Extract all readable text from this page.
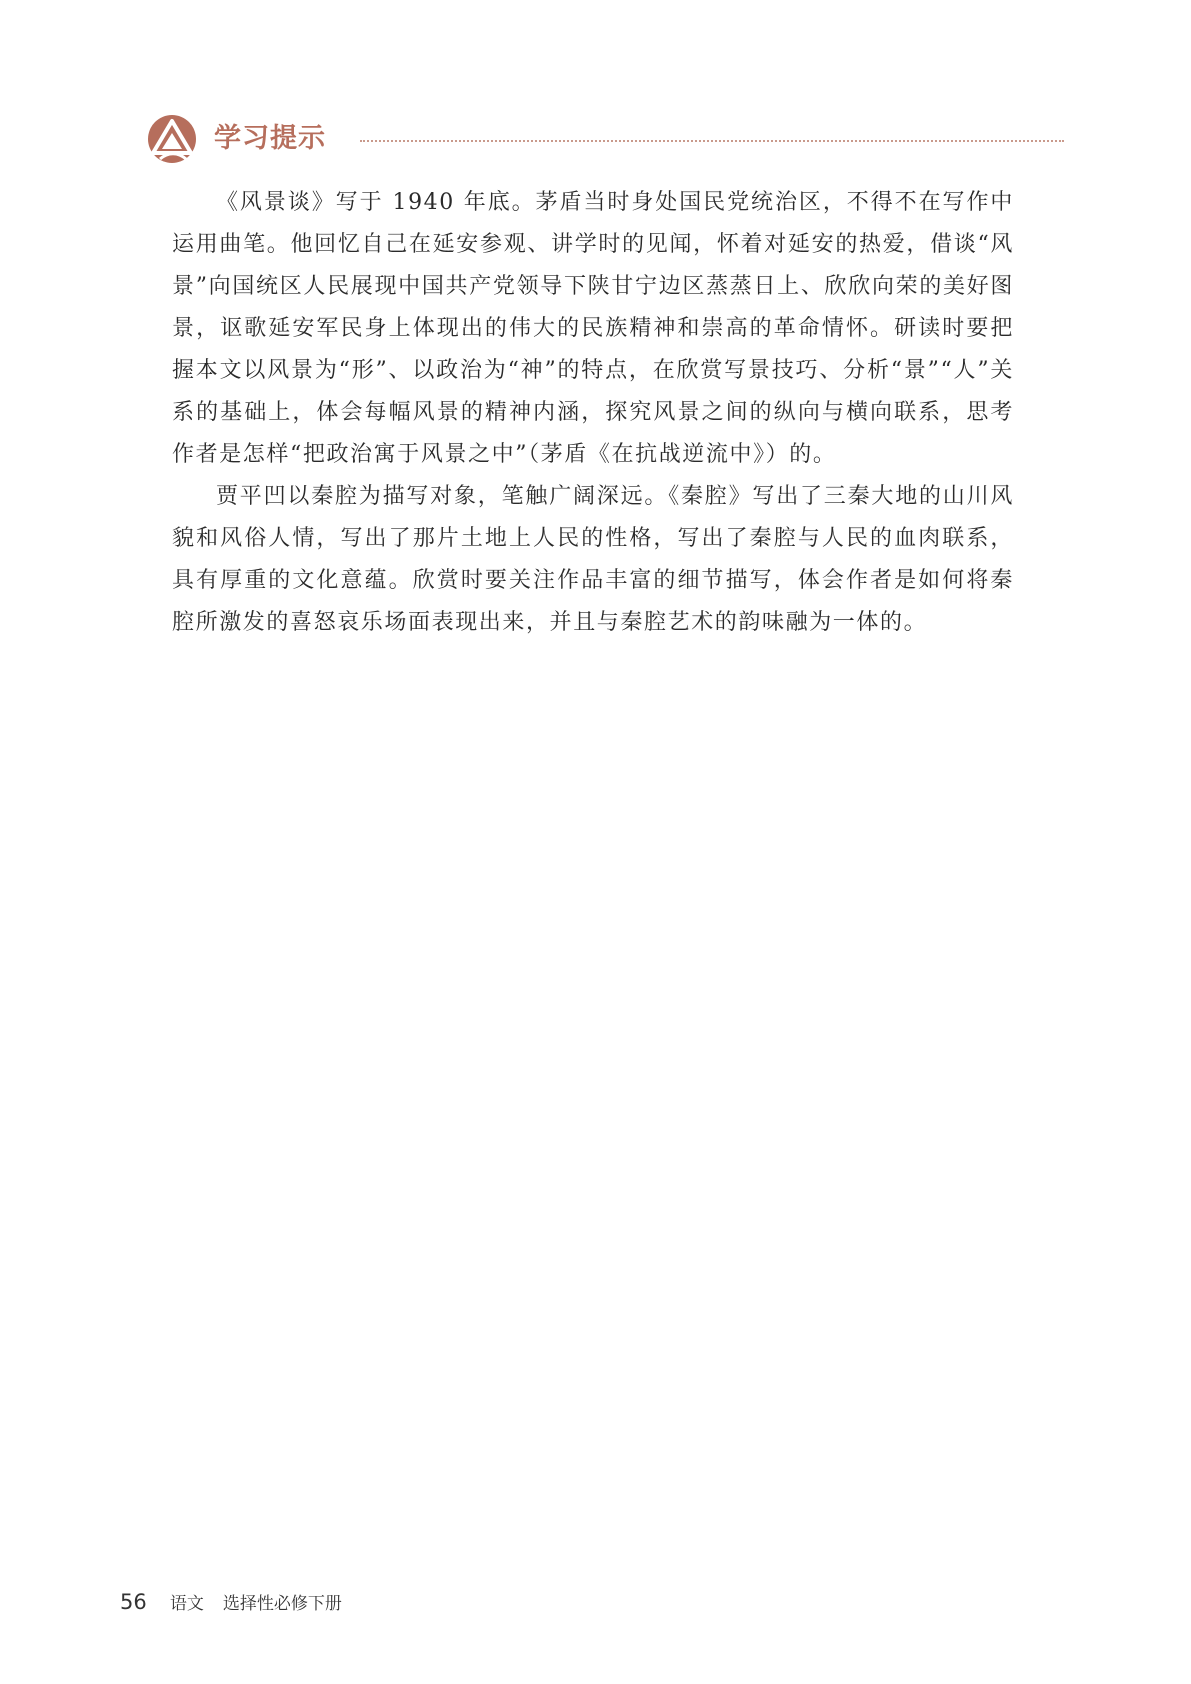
学习提示

《风景谈》写于 1940 年底。茅盾当时身处国民党统治区，不得不在写作中运用曲笔。他回忆自己在延安参观、讲学时的见闻，怀着对延安的热爱，借谈“风景”向国统区人民展现中国共产党领导下陕甘宁边区蒸蒸日上、欣欣向荣的美好图景，讴歌延安军民身上体现出的伟大的民族精神和崇高的革命情怀。研读时要把握本文以风景为“形”、以政治为“神”的特点，在欣赏写景技巧、分析“景”“人”关系的基础上，体会每幅风景的精神内涵，探究风景之间的纵向与横向联系，思考作者是怎样“把政治寓于风景之中”（茅盾《在抗战逆流中》）的。

贾平凹以秦腔为描写对象，笔触广阔深远。《秦腔》写出了三秦大地的山川风貌和风俗人情，写出了那片土地上人民的性格，写出了秦腔与人民的血肉联系，具有厚重的文化意蕴。欣赏时要关注作品丰富的细节描写，体会作者是如何将秦腔所激发的喜怒哀乐场面表现出来，并且与秦腔艺术的韵味融为一体的。

56 语文 选择性必修下册
